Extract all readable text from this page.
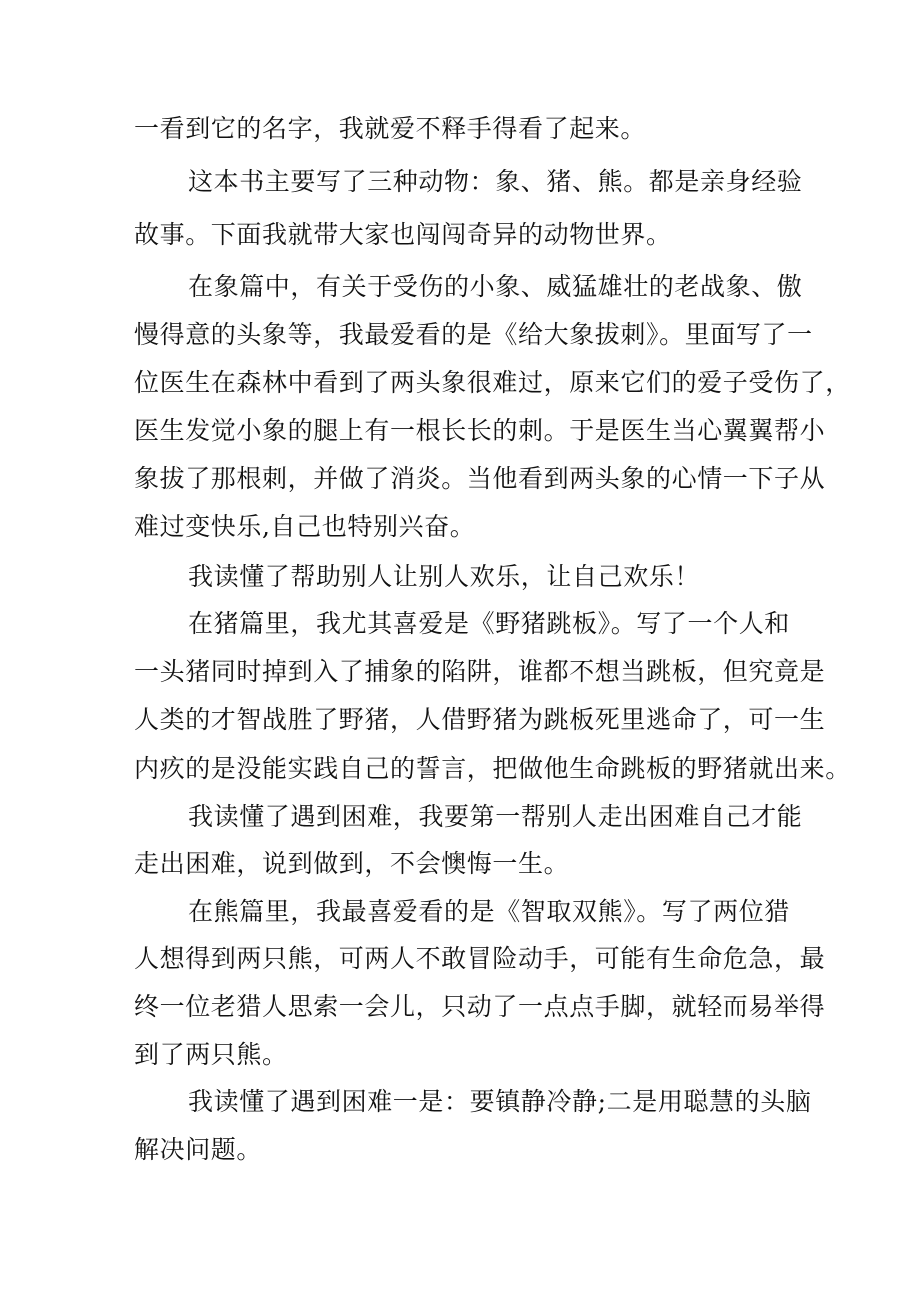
一看到它的名字，我就爱不释手得看了起来。
这本书主要写了三种动物：象、猪、熊。都是亲身经验
故事。下面我就带大家也闯闯奇异的动物世界。
在象篇中，有关于受伤的小象、威猛雄壮的老战象、傲
慢得意的头象等，我最爱看的是《给大象拔刺》。里面写了一
位医生在森林中看到了两头象很难过，原来它们的爱子受伤了，
医生发觉小象的腿上有一根长长的刺。于是医生当心翼翼帮小
象拔了那根刺，并做了消炎。当他看到两头象的心情一下子从
难过变快乐,自己也特别兴奋。
我读懂了帮助别人让别人欢乐，让自己欢乐！
在猪篇里，我尤其喜爱是《野猪跳板》。写了一个人和
一头猪同时掉到入了捕象的陷阱，谁都不想当跳板，但究竟是
人类的才智战胜了野猪，人借野猪为跳板死里逃命了，可一生
内疚的是没能实践自己的誓言，把做他生命跳板的野猪就出来。
我读懂了遇到困难，我要第一帮别人走出困难自己才能
走出困难，说到做到，不会懊悔一生。
在熊篇里，我最喜爱看的是《智取双熊》。写了两位猎
人想得到两只熊，可两人不敢冒险动手，可能有生命危急，最
终一位老猎人思索一会儿，只动了一点点手脚，就轻而易举得
到了两只熊。
我读懂了遇到困难一是：要镇静冷静;二是用聪慧的头脑
解决问题。
